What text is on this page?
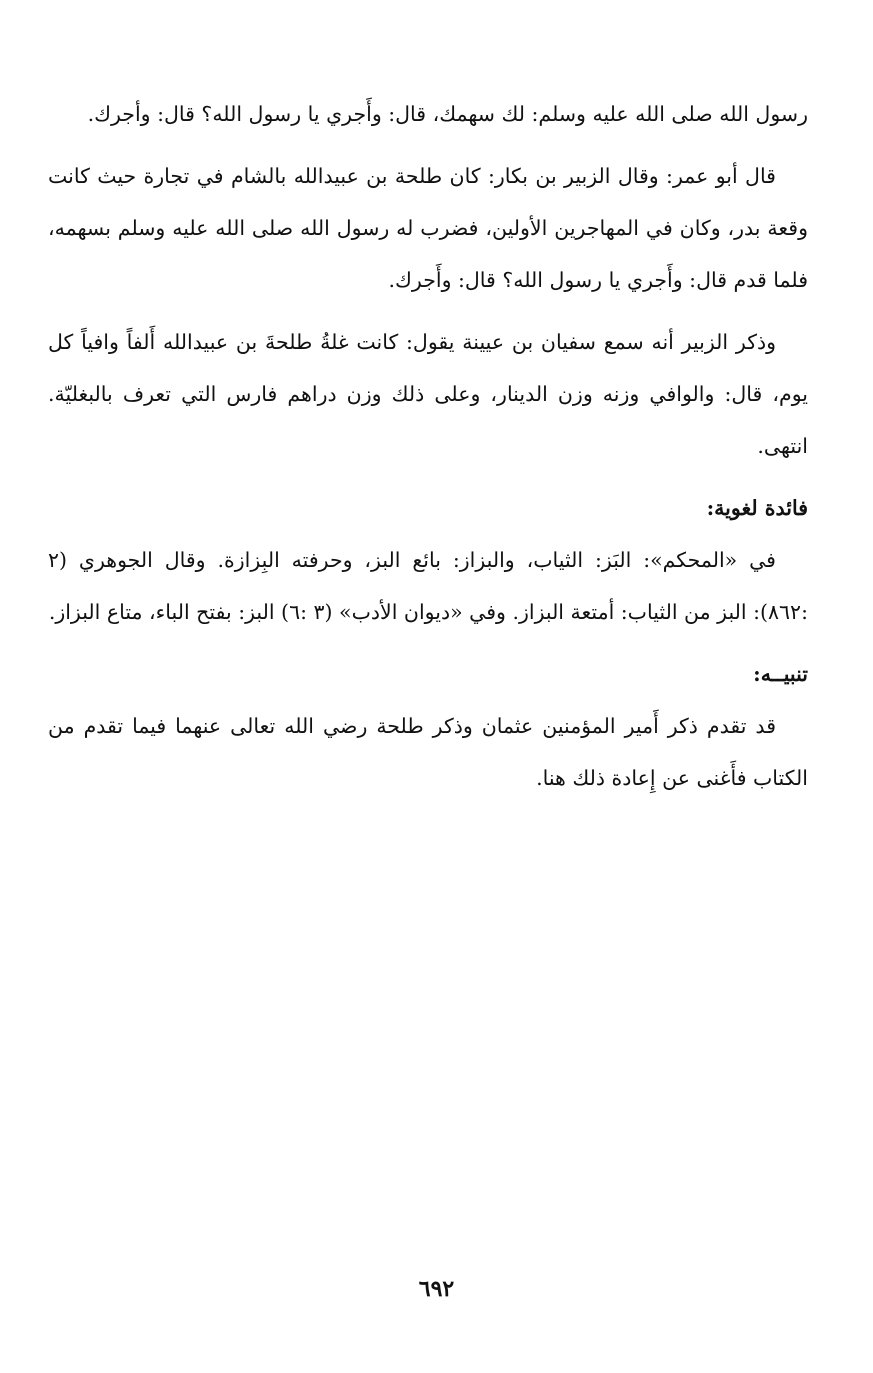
رسول الله صلى الله عليه وسلم: لك سهمك، قال: وأَجري يا رسول الله؟ قال: وأجرك.

قال أبو عمر: وقال الزبير بن بكار: كان طلحة بن عبيدالله بالشام في تجارة حيث كانت وقعة بدر، وكان في المهاجرين الأولين، فضرب له رسول الله صلى الله عليه وسلم بسهمه، فلما قدم قال: وأَجري يا رسول الله؟ قال: وأَجرك.

وذكر الزبير أنه سمع سفيان بن عيينة يقول: كانت غلةُ طلحةَ بن عبيدالله أَلفاً وافياً كل يوم، قال: والوافي وزنه وزن الدينار، وعلى ذلك وزن دراهم فارس التي تعرف بالبغليّة. انتهى.

فائدة لغوية:

في «المحكم»: البَز: الثياب، والبزاز: بائع البز، وحرفته البِزازة. وقال الجوهري (٢ :٨٦٢): البز من الثياب: أمتعة البزاز. وفي «ديوان الأدب» (٣ :٦) البز: بفتح الباء، متاع البزاز.

تنبيــه:

قد تقدم ذكر أَمير المؤمنين عثمان وذكر طلحة رضي الله تعالى عنهما فيما تقدم من الكتاب فأَغنى عن إِعادة ذلك هنا.

٦٩٢
